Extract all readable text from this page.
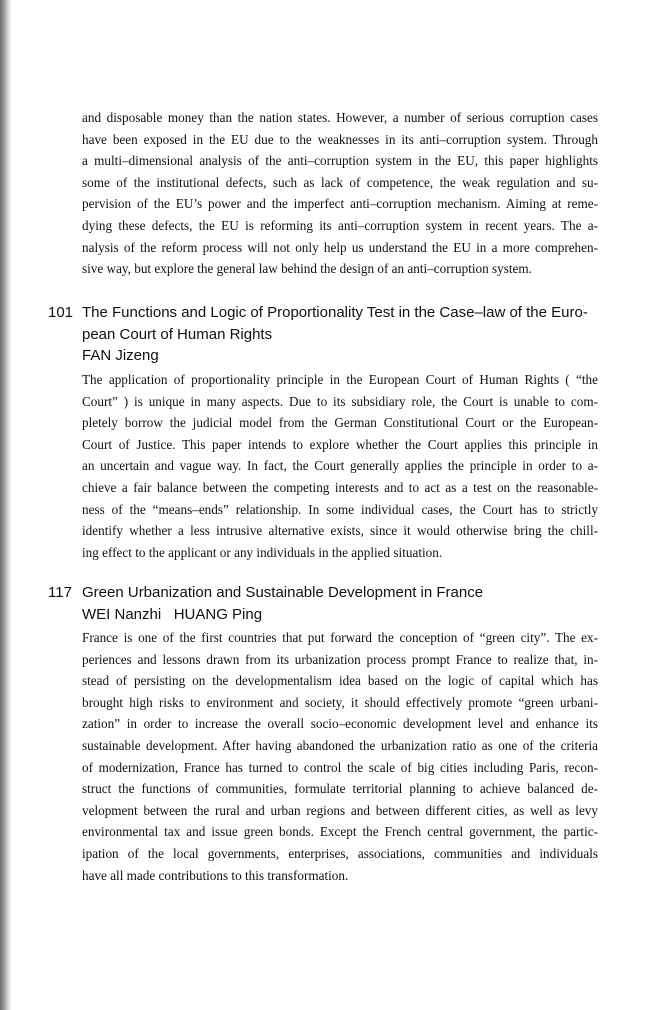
and disposable money than the nation states. However, a number of serious corruption cases
have been exposed in the EU due to the weaknesses in its anti–corruption system. Through
a multi–dimensional analysis of the anti–corruption system in the EU, this paper highlights
some of the institutional defects, such as lack of competence, the weak regulation and su-
pervision of the EU’s power and the imperfect anti–corruption mechanism. Aiming at reme-
dying these defects, the EU is reforming its anti–corruption system in recent years. The a-
nalysis of the reform process will not only help us understand the EU in a more comprehen-
sive way, but explore the general law behind the design of an anti–corruption system.
101 The Functions and Logic of Proportionality Test in the Case–law of the Euro-
pean Court of Human Rights
FAN Jizeng
The application of proportionality principle in the European Court of Human Rights ( “the
Court” ) is unique in many aspects. Due to its subsidiary role, the Court is unable to com-
pletely borrow the judicial model from the German Constitutional Court or the European-
Court of Justice. This paper intends to explore whether the Court applies this principle in
an uncertain and vague way. In fact, the Court generally applies the principle in order to a-
chieve a fair balance between the competing interests and to act as a test on the reasonable-
ness of the “means–ends” relationship. In some individual cases, the Court has to strictly
identify whether a less intrusive alternative exists, since it would otherwise bring the chill-
ing effect to the applicant or any individuals in the applied situation.
117 Green Urbanization and Sustainable Development in France
WEI Nanzhi   HUANG Ping
France is one of the first countries that put forward the conception of “green city”. The ex-
periences and lessons drawn from its urbanization process prompt France to realize that, in-
stead of persisting on the developmentalism idea based on the logic of capital which has
brought high risks to environment and society, it should effectively promote “green urbani-
zation” in order to increase the overall socio–economic development level and enhance its
sustainable development. After having abandoned the urbanization ratio as one of the criteria
of modernization, France has turned to control the scale of big cities including Paris, recon-
struct the functions of communities, formulate territorial planning to achieve balanced de-
velopment between the rural and urban regions and between different cities, as well as levy
environmental tax and issue green bonds. Except the French central government, the partic-
ipation of the local governments, enterprises, associations, communities and individuals
have all made contributions to this transformation.
